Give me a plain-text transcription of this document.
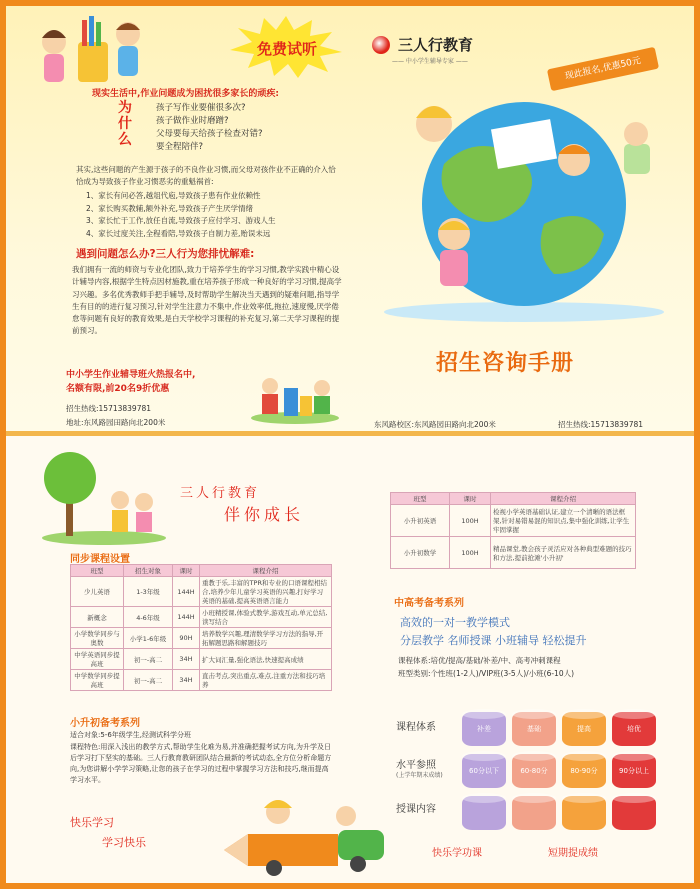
免费试听	三人行教育
—— 中小学生辅导专家 ——	现此报名,优惠50元
现实生活中,作业问题成为困扰很多家长的顽疾:
为什么
孩子写作业要催很多次?
孩子做作业时磨蹭?
父母要每天给孩子检查对错?
要全程陪伴?
其实,这些问题的产生源于孩子的不良作业习惯,而父母对孩作业不正确的介入恰恰成为导致孩子作业习惯恶劣的重魁祸首:
1、家长有问必答,越俎代庖,导致孩子患有作业依赖性
2、家长购买教辅,额外补充,导致孩子产生厌学情绪
3、家长忙于工作,放任自流,导致孩子应付学习、游戏人生
4、家长过度关注,全程看陪,导致孩子自制力差,贻误未远
遇到问题怎么办?三人行为您排忧解难:
我们拥有一流的师资与专业化团队,致力于培养学生的学习习惯,教学实践中精心设计辅导内容,根据学生特点因材施教,重在培养孩子形成一种良好的学习习惯,提高学习兴趣。多名优秀教师手把手辅导,及时帮助学生解决当天遇到的疑难问题,指导学生有目的的进行复习预习,针对学生注意力不集中,作业效率低,拖拉,速度慢,厌学倦怠等问题有良好的教育效果,是白天学校学习课程的补充复习,第二天学习课程的提前预习。
中小学生作业辅导班火热报名中,
名额有限,前20名9折优惠
招生热线:15713839781
地址:东风路园田路向北200米
招生咨询手册
东风路校区:东风路园田路向北200米	招生热线:15713839781
三人行教育
伴你成长
同步课程设置
班型	招生对象	课时	课程介绍
少儿英语	1-3年级	144H	重教于乐,丰富的TPR和专业的口语课程相结合,培养少年儿童学习英语的兴趣,打好学习英语的基础,提高英语语言能力
新概念	4-6年级	144H	小班精授课,体验式教学,游戏互动,单元总结,读写结合
小学数学同步与奥数	小学1-6年级	90H	培养数学兴趣,理清数学学习方法的指导,开拓解题思路和解题技巧
中学英语同步提高班	初一-高二	34H	扩大词汇量,强化语法,快速提高成绩
中学数学同步提高班	初一-高二	34H	直击考点,突出重点,难点,注重方法和技巧培养
小升初备考系列
适合对象:5-6年级学生,经测试科学分班
课程特色:用深入浅出的教学方式,帮助学生化难为易,并准确把握考试方向,为升学及日后学习打下坚实的基础。三人行教育教研团队结合最新的考试动态,全方位分析命题方向,为您讲解小学学习策略,让您的孩子在学习的过程中掌握学习方法和技巧,继而提高学习水平。
快乐学习
学习快乐
班型	课时	课程介绍
小升初英语	100H	检视小学英语基础认证,建立一个清晰的语法框架,针对易错易混的知识点,集中强化训练,让学生牢固掌握
小升初数学	100H	精品课堂,教会孩子灵活应对各种典型难题的技巧和方法,提前抢滩'小升初'
中高考备考系列
高效的一对一教学模式
分层教学 名师授课 小班辅导 轻松提升
课程体系:培优/提高/基础/补差/中、高考冲刺课程
班型类别:个性班(1-2人)/VIP班(3-5人)/小班(6-10人)
课程体系
水平参照
(上学年期末成绩)
授课内容
补差	基础	提高	培优
60分以下	60-80分	80-90分	90分以上
快乐学功课	短期提成绩
